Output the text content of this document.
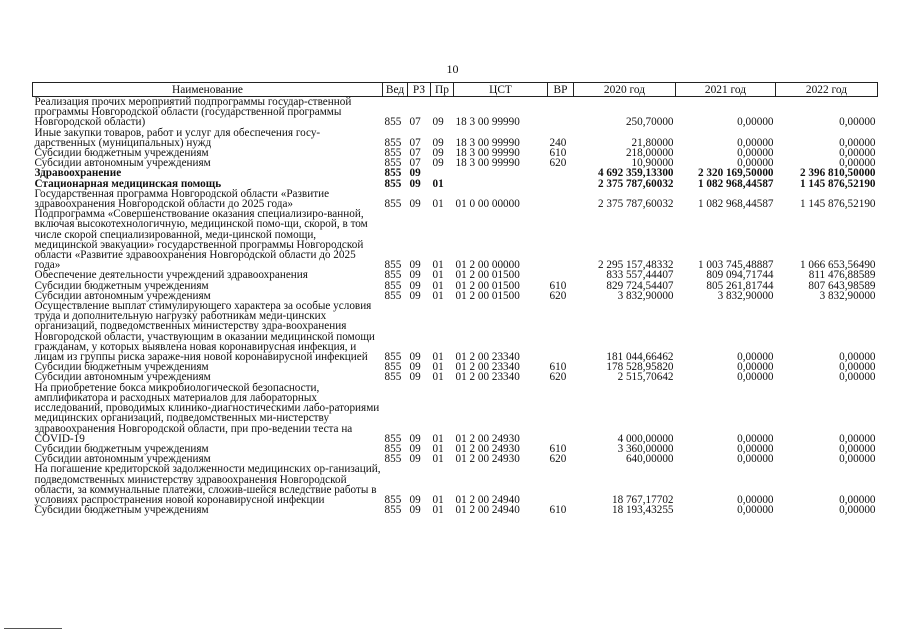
10
Наименование	Вед	РЗ	Пр	ЦСТ	ВР	2020 год	2021 год	2022 год
Реализация прочих мероприятий подпрограммы государ-ственной программы Новгородской области (государственной программы Новгородской области)	855	07	09	18 3 00 99990		250,70000	0,00000	0,00000
Иные закупки товаров, работ и услуг для обеспечения госу-дарственных (муниципальных) нужд	855	07	09	18 3 00 99990	240	21,80000	0,00000	0,00000
Субсидии бюджетным учреждениям	855	07	09	18 3 00 99990	610	218,00000	0,00000	0,00000
Субсидии автономным учреждениям	855	07	09	18 3 00 99990	620	10,90000	0,00000	0,00000
Здравоохранение	855	09				4 692 359,13300	2 320 169,50000	2 396 810,50000
Стационарная медицинская помощь	855	09	01			2 375 787,60032	1 082 968,44587	1 145 876,52190
Государственная программа Новгородской области «Развитие здравоохранения Новгородской области до 2025 года»	855	09	01	01 0 00 00000		2 375 787,60032	1 082 968,44587	1 145 876,52190
Подпрограмма «Совершенствование оказания специализиро-ванной, включая высокотехнологичную, медицинской помо-щи, скорой, в том числе скорой специализированной, меди-цинской помощи, медицинской эвакуации» государственной программы Новгородской области «Развитие здравоохранения Новгородской области до 2025 года»	855	09	01	01 2 00 00000		2 295 157,48332	1 003 745,48887	1 066 653,56490
Обеспечение деятельности учреждений здравоохранения	855	09	01	01 2 00 01500		833 557,44407	809 094,71744	811 476,88589
Субсидии бюджетным учреждениям	855	09	01	01 2 00 01500	610	829 724,54407	805 261,81744	807 643,98589
Субсидии автономным учреждениям	855	09	01	01 2 00 01500	620	3 832,90000	3 832,90000	3 832,90000
Осуществление выплат стимулирующего характера за особые условия труда и дополнительную нагрузку работникам меди-цинских организаций, подведомственных министерству здра-воохранения Новгородской области, участвующим в оказании медицинской помощи гражданам, у которых выявлена новая коронавирусная инфекция, и лицам из группы риска зараже-ния новой коронавирусной инфекцией	855	09	01	01 2 00 23340		181 044,66462	0,00000	0,00000
Субсидии бюджетным учреждениям	855	09	01	01 2 00 23340	610	178 528,95820	0,00000	0,00000
Субсидии автономным учреждениям	855	09	01	01 2 00 23340	620	2 515,70642	0,00000	0,00000
На приобретение бокса микробиологической безопасности, амплификатора и расходных материалов для лабораторных исследований, проводимых клинико-диагностическими лабо-раториями медицинских организаций, подведомственных ми-нистерству здравоохранения Новгородской области, при про-ведении теста на COVID-19	855	09	01	01 2 00 24930		4 000,00000	0,00000	0,00000
Субсидии бюджетным учреждениям	855	09	01	01 2 00 24930	610	3 360,00000	0,00000	0,00000
Субсидии автономным учреждениям	855	09	01	01 2 00 24930	620	640,00000	0,00000	0,00000
На погашение кредиторской задолженности медицинских ор-ганизаций, подведомственных министерству здравоохранения Новгородской области, за коммунальные платежи, сложив-шейся вследствие работы в условиях распространения новой коронавирусной инфекции	855	09	01	01 2 00 24940		18 767,17702	0,00000	0,00000
Субсидии бюджетным учреждениям	855	09	01	01 2 00 24940	610	18 193,43255	0,00000	0,00000
